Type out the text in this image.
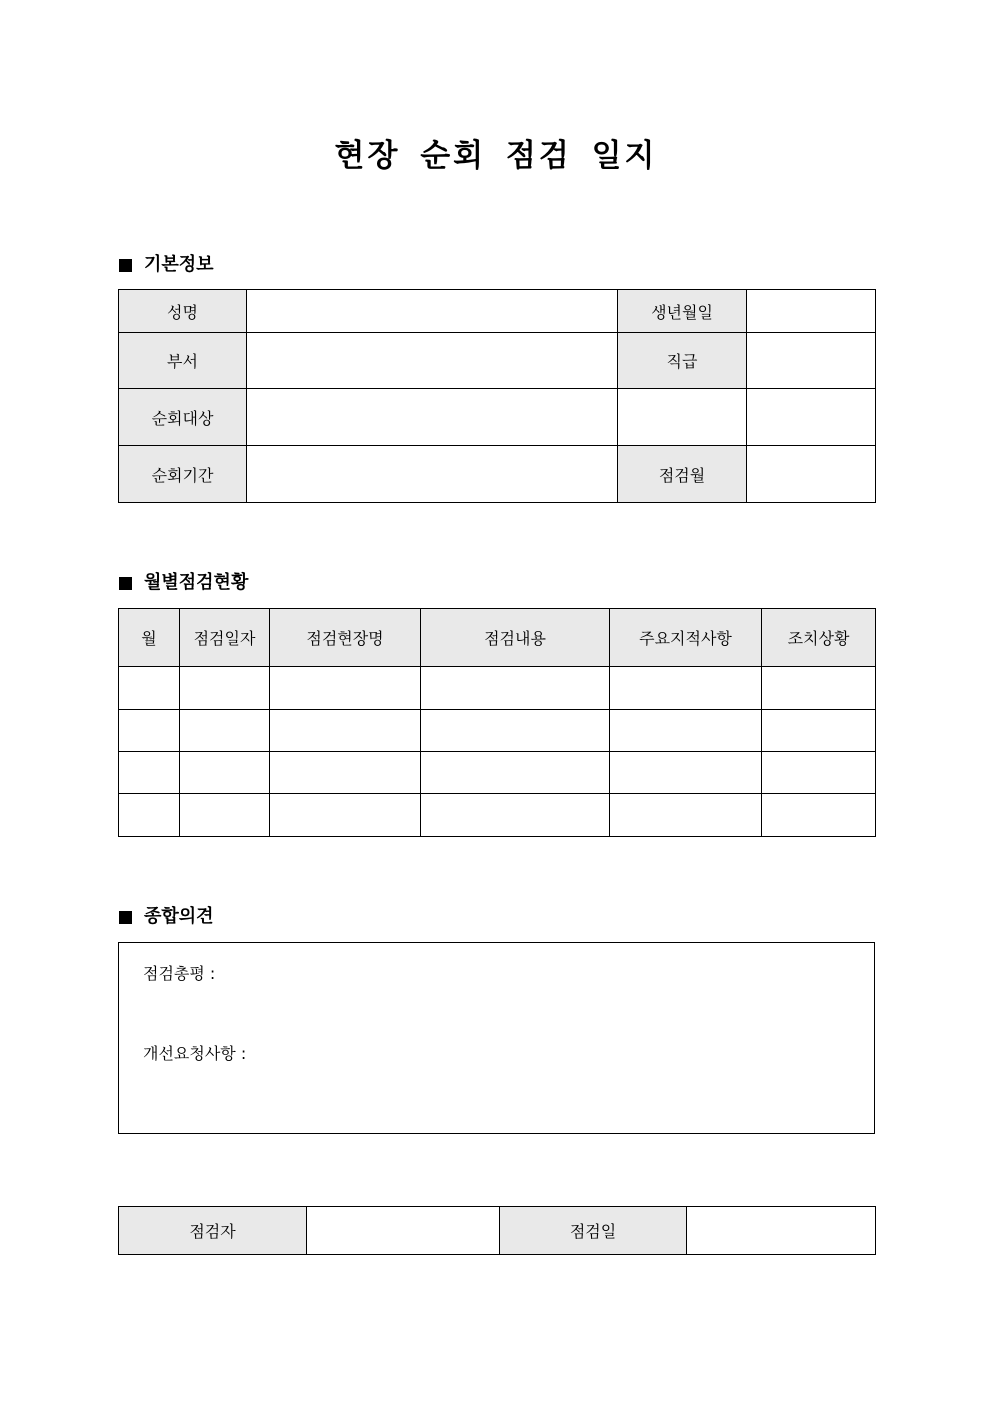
현장 순회 점검 일지
기본정보
성명		생년월일	
부서		직급	
순회대상			
순회기간		점검월	
월별점검현황
월	점검일자	점검현장명	점검내용	주요지적사항	조치상황

종합의견
점검총평 :
개선요청사항 :
점검자		점검일	
